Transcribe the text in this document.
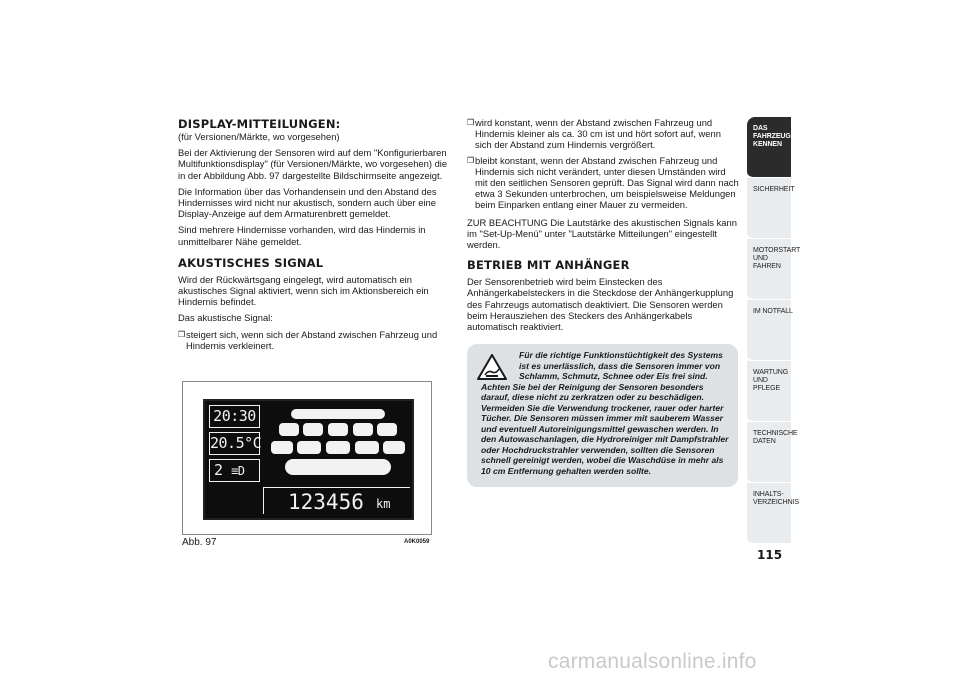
DISPLAY-MITTEILUNGEN:

(für Versionen/Märkte, wo vorgesehen)

Bei der Aktivierung der Sensoren wird auf dem "Konfigurierbaren Multifunktionsdisplay" (für Versionen/Märkte, wo vorgesehen) die in der Abbildung Abb. 97 dargestellte Bildschirmseite angezeigt.

Die Information über das Vorhandensein und den Abstand des Hindernisses wird nicht nur akustisch, sondern auch über eine Display-Anzeige auf dem Armaturenbrett gemeldet.

Sind mehrere Hindernisse vorhanden, wird das Hindernis in unmittelbarer Nähe gemeldet.

AKUSTISCHES SIGNAL

Wird der Rückwärtsgang eingelegt, wird automatisch ein akustisches Signal aktiviert, wenn sich im Aktionsbereich ein Hindernis befindet.

Das akustische Signal:

❒ steigert sich, wenn sich der Abstand zwischen Fahrzeug und Hindernis verkleinert.
20:30
20.5°C
2 ≡D
123456 km
Abb. 97	A0K0059
❒ wird konstant, wenn der Abstand zwischen Fahrzeug und Hindernis kleiner als ca. 30 cm ist und hört sofort auf, wenn sich der Abstand zum Hindernis vergrößert.
❒ bleibt konstant, wenn der Abstand zwischen Fahrzeug und Hindernis sich nicht verändert, unter diesen Umständen wird mit den seitlichen Sensoren geprüft. Das Signal wird dann nach etwa 3 Sekunden unterbrochen, um beispielsweise Meldungen beim Einparken entlang einer Mauer zu vermeiden.

ZUR BEACHTUNG Die Lautstärke des akustischen Signals kann im "Set-Up-Menü" unter "Lautstärke Mitteilungen" eingestellt werden.

BETRIEB MIT ANHÄNGER

Der Sensorenbetrieb wird beim Einstecken des Anhängerkabelsteckers in die Steckdose der Anhängerkupplung des Fahrzeugs automatisch deaktiviert. Die Sensoren werden beim Herausziehen des Steckers des Anhängerkabels automatisch reaktiviert.

Für die richtige Funktionstüchtigkeit des Systems ist es unerlässlich, dass die Sensoren immer von Schlamm, Schmutz, Schnee oder Eis frei sind.
Achten Sie bei der Reinigung der Sensoren besonders darauf, diese nicht zu zerkratzen oder zu beschädigen. Vermeiden Sie die Verwendung trockener, rauer oder harter Tücher. Die Sensoren müssen immer mit sauberem Wasser und eventuell Autoreinigungsmittel gewaschen werden. In den Autowaschanlagen, die Hydroreiniger mit Dampfstrahler oder Hochdruckstrahler verwenden, sollten die Sensoren schnell gereinigt werden, wobei die Waschdüse in mehr als 10 cm Entfernung gehalten werden sollte.
DAS FAHRZEUG KENNEN
SICHERHEIT
MOTORSTART UND FAHREN
IM NOTFALL
WARTUNG UND PFLEGE
TECHNISCHE DATEN
INHALTS-VERZEICHNIS
115
carmanualsonline.info
